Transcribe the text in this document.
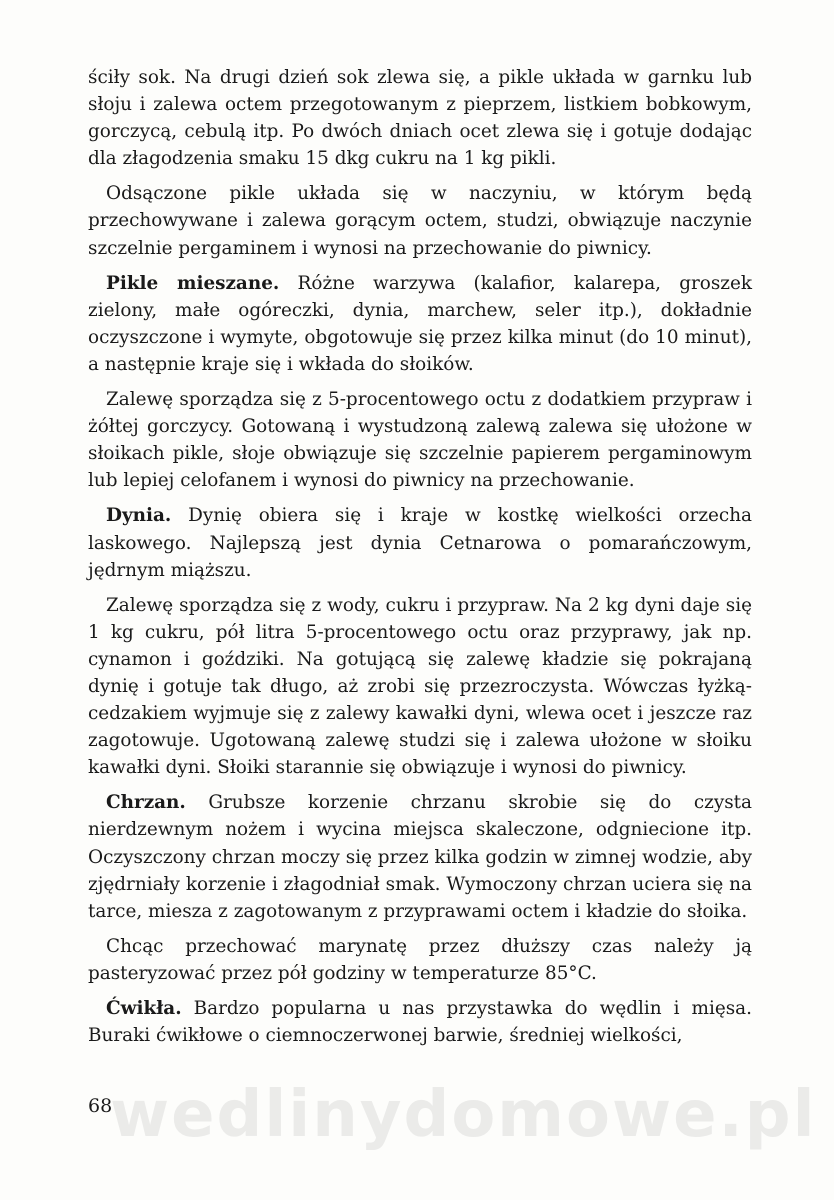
ściły sok. Na drugi dzień sok zlewa się, a pikle układa w garnku lub słoju i zalewa octem przegotowanym z pieprzem, listkiem bobkowym, gorczycą, cebulą itp. Po dwóch dniach ocet zlewa się i gotuje dodając dla złagodzenia smaku 15 dkg cukru na 1 kg pikli.

Odsączone pikle układa się w naczyniu, w którym będą przechowywane i zalewa gorącym octem, studzi, obwiązuje naczynie szczelnie pergaminem i wynosi na przechowanie do piwnicy.

Pikle mieszane. Różne warzywa (kalafior, kalarepa, groszek zielony, małe ogóreczki, dynia, marchew, seler itp.), dokładnie oczyszczone i wymyte, obgotowuje się przez kilka minut (do 10 minut), a następnie kraje się i wkłada do słoików.

Zalewę sporządza się z 5-procentowego octu z dodatkiem przypraw i żółtej gorczycy. Gotowaną i wystudzoną zalewą zalewa się ułożone w słoikach pikle, słoje obwiązuje się szczelnie papierem pergaminowym lub lepiej celofanem i wynosi do piwnicy na przechowanie.

Dynia. Dynię obiera się i kraje w kostkę wielkości orzecha laskowego. Najlepszą jest dynia Cetnarowa o pomarańczowym, jędrnym miąższu.

Zalewę sporządza się z wody, cukru i przypraw. Na 2 kg dyni daje się 1 kg cukru, pół litra 5-procentowego octu oraz przyprawy, jak np. cynamon i goździki. Na gotującą się zalewę kładzie się pokrajaną dynię i gotuje tak długo, aż zrobi się przezroczysta. Wówczas łyżką-cedzakiem wyjmuje się z zalewy kawałki dyni, wlewa ocet i jeszcze raz zagotowuje. Ugotowaną zalewę studzi się i zalewa ułożone w słoiku kawałki dyni. Słoiki starannie się obwiązuje i wynosi do piwnicy.

Chrzan. Grubsze korzenie chrzanu skrobie się do czysta nierdzewnym nożem i wycina miejsca skaleczone, odgniecione itp. Oczyszczony chrzan moczy się przez kilka godzin w zimnej wodzie, aby zjędrniały korzenie i złagodniał smak. Wymoczony chrzan uciera się na tarce, miesza z zagotowanym z przyprawami octem i kładzie do słoika.

Chcąc przechować marynatę przez dłuższy czas należy ją pasteryzować przez pół godziny w temperaturze 85°C.

Ćwikła. Bardzo popularna u nas przystawka do wędlin i mięsa. Buraki ćwikłowe o ciemnoczerwonej barwie, średniej wielkości,

wedlinydomowe.pl
68
